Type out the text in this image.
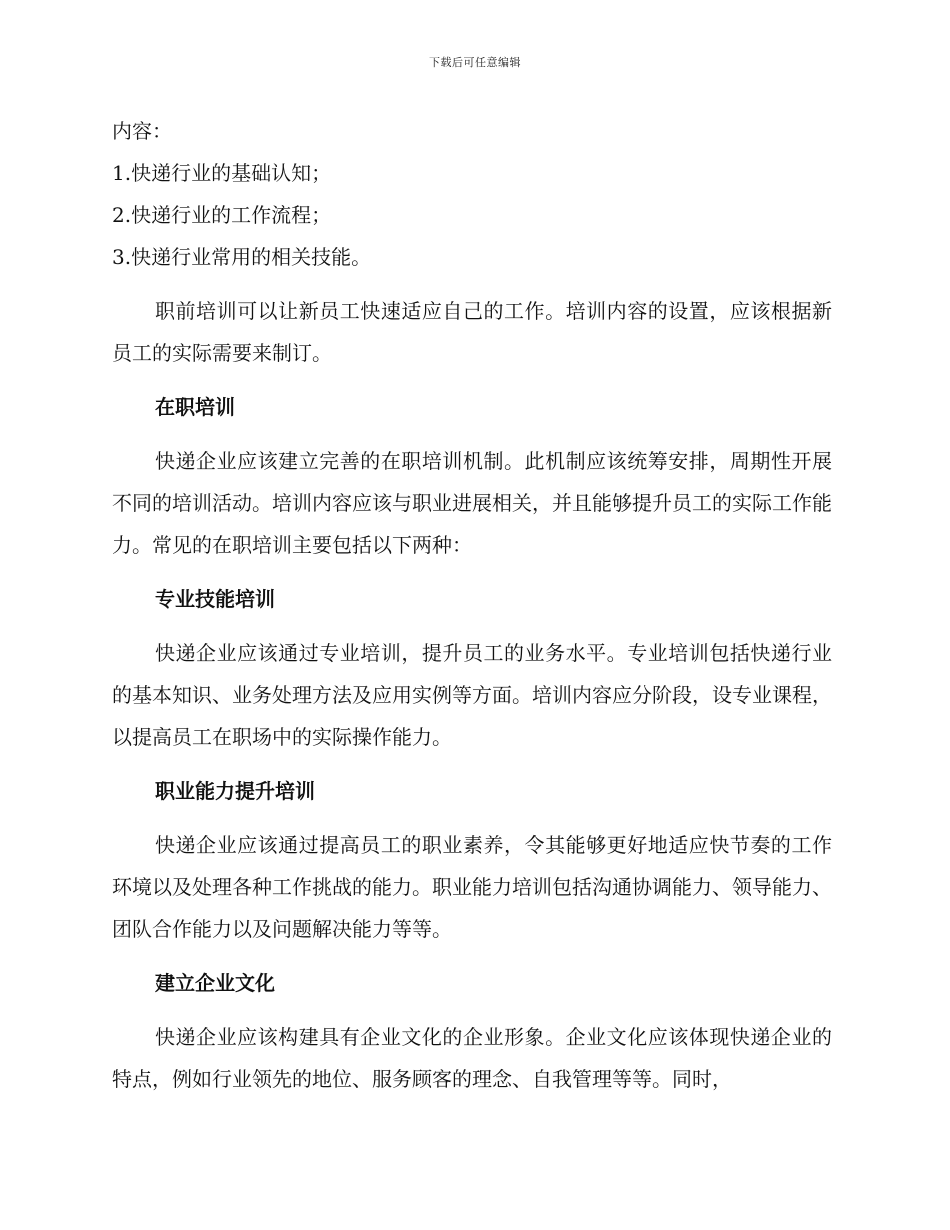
下载后可任意编辑

内容：

1.快递行业的基础认知；

2.快递行业的工作流程；

3.快递行业常用的相关技能。

职前培训可以让新员工快速适应自己的工作。培训内容的设置，应该根据新员工的实际需要来制订。

在职培训

快递企业应该建立完善的在职培训机制。此机制应该统筹安排，周期性开展不同的培训活动。培训内容应该与职业进展相关，并且能够提升员工的实际工作能力。常见的在职培训主要包括以下两种：

专业技能培训

快递企业应该通过专业培训，提升员工的业务水平。专业培训包括快递行业的基本知识、业务处理方法及应用实例等方面。培训内容应分阶段，设专业课程，以提高员工在职场中的实际操作能力。

职业能力提升培训

快递企业应该通过提高员工的职业素养，令其能够更好地适应快节奏的工作环境以及处理各种工作挑战的能力。职业能力培训包括沟通协调能力、领导能力、团队合作能力以及问题解决能力等等。

建立企业文化

快递企业应该构建具有企业文化的企业形象。企业文化应该体现快递企业的特点，例如行业领先的地位、服务顾客的理念、自我管理等等。同时，
